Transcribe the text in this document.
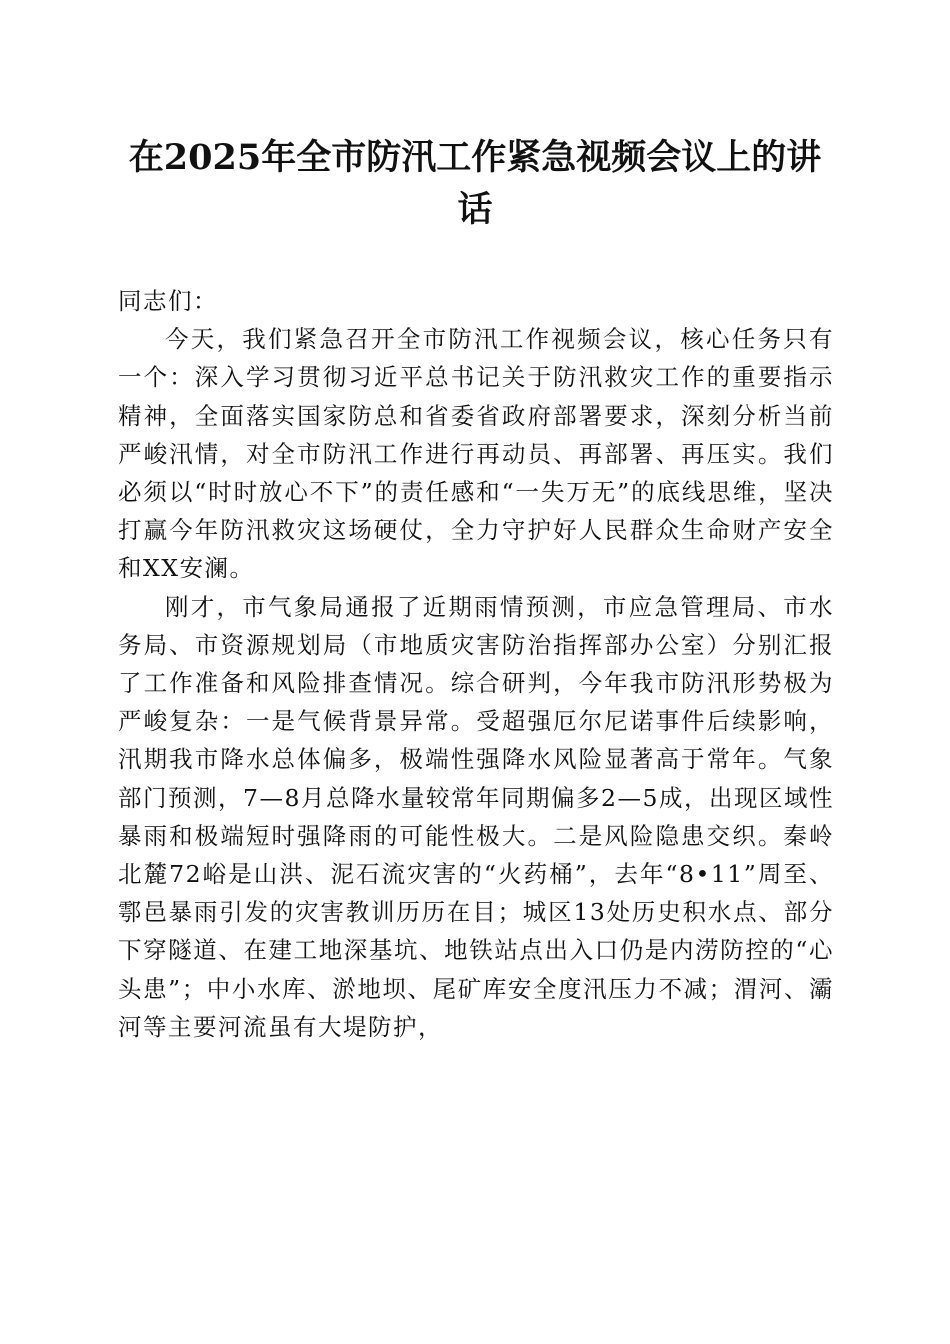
在2025年全市防汛工作紧急视频会议上的讲话

同志们：

今天，我们紧急召开全市防汛工作视频会议，核心任务只有一个：深入学习贯彻习近平总书记关于防汛救灾工作的重要指示精神，全面落实国家防总和省委省政府部署要求，深刻分析当前严峻汛情，对全市防汛工作进行再动员、再部署、再压实。我们必须以“时时放心不下”的责任感和“一失万无”的底线思维，坚决打赢今年防汛救灾这场硬仗，全力守护好人民群众生命财产安全和XX安澜。

刚才，市气象局通报了近期雨情预测，市应急管理局、市水务局、市资源规划局（市地质灾害防治指挥部办公室）分别汇报了工作准备和风险排查情况。综合研判，今年我市防汛形势极为严峻复杂：一是气候背景异常。受超强厄尔尼诺事件后续影响，汛期我市降水总体偏多，极端性强降水风险显著高于常年。气象部门预测，7—8月总降水量较常年同期偏多2—5成，出现区域性暴雨和极端短时强降雨的可能性极大。二是风险隐患交织。秦岭北麓72峪是山洪、泥石流灾害的“火药桶”，去年“8•11”周至、鄠邑暴雨引发的灾害教训历历在目；城区13处历史积水点、部分下穿隧道、在建工地深基坑、地铁站点出入口仍是内涝防控的“心头患”；中小水库、淤地坝、尾矿库安全度汛压力不减；渭河、灞河等主要河流虽有大堤防护，
